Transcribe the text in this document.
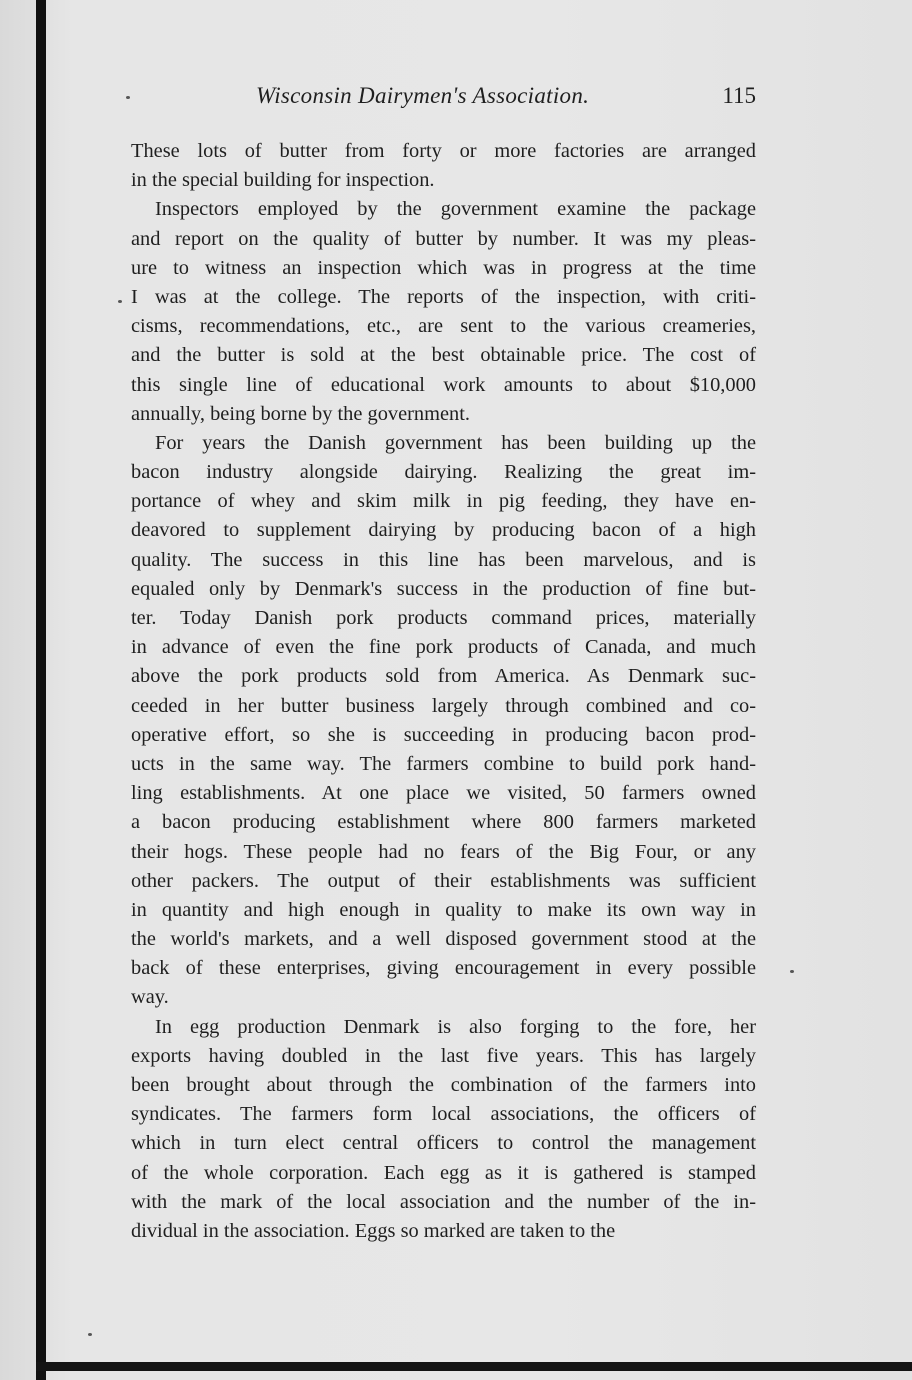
Wisconsin Dairymen's Association.	115
These lots of butter from forty or more factories are arranged
in the special building for inspection.
Inspectors employed by the government examine the package
and report on the quality of butter by number. It was my pleas-
ure to witness an inspection which was in progress at the time
I was at the college. The reports of the inspection, with criti-
cisms, recommendations, etc., are sent to the various creameries,
and the butter is sold at the best obtainable price. The cost of
this single line of educational work amounts to about $10,000
annually, being borne by the government.
For years the Danish government has been building up the
bacon industry alongside dairying. Realizing the great im-
portance of whey and skim milk in pig feeding, they have en-
deavored to supplement dairying by producing bacon of a high
quality. The success in this line has been marvelous, and is
equaled only by Denmark's success in the production of fine but-
ter. Today Danish pork products command prices, materially
in advance of even the fine pork products of Canada, and much
above the pork products sold from America. As Denmark suc-
ceeded in her butter business largely through combined and co-
operative effort, so she is succeeding in producing bacon prod-
ucts in the same way. The farmers combine to build pork hand-
ling establishments. At one place we visited, 50 farmers owned
a bacon producing establishment where 800 farmers marketed
their hogs. These people had no fears of the Big Four, or any
other packers. The output of their establishments was sufficient
in quantity and high enough in quality to make its own way in
the world's markets, and a well disposed government stood at the
back of these enterprises, giving encouragement in every possible
way.
In egg production Denmark is also forging to the fore, her
exports having doubled in the last five years. This has largely
been brought about through the combination of the farmers into
syndicates. The farmers form local associations, the officers of
which in turn elect central officers to control the management
of the whole corporation. Each egg as it is gathered is stamped
with the mark of the local association and the number of the in-
dividual in the association. Eggs so marked are taken to the
